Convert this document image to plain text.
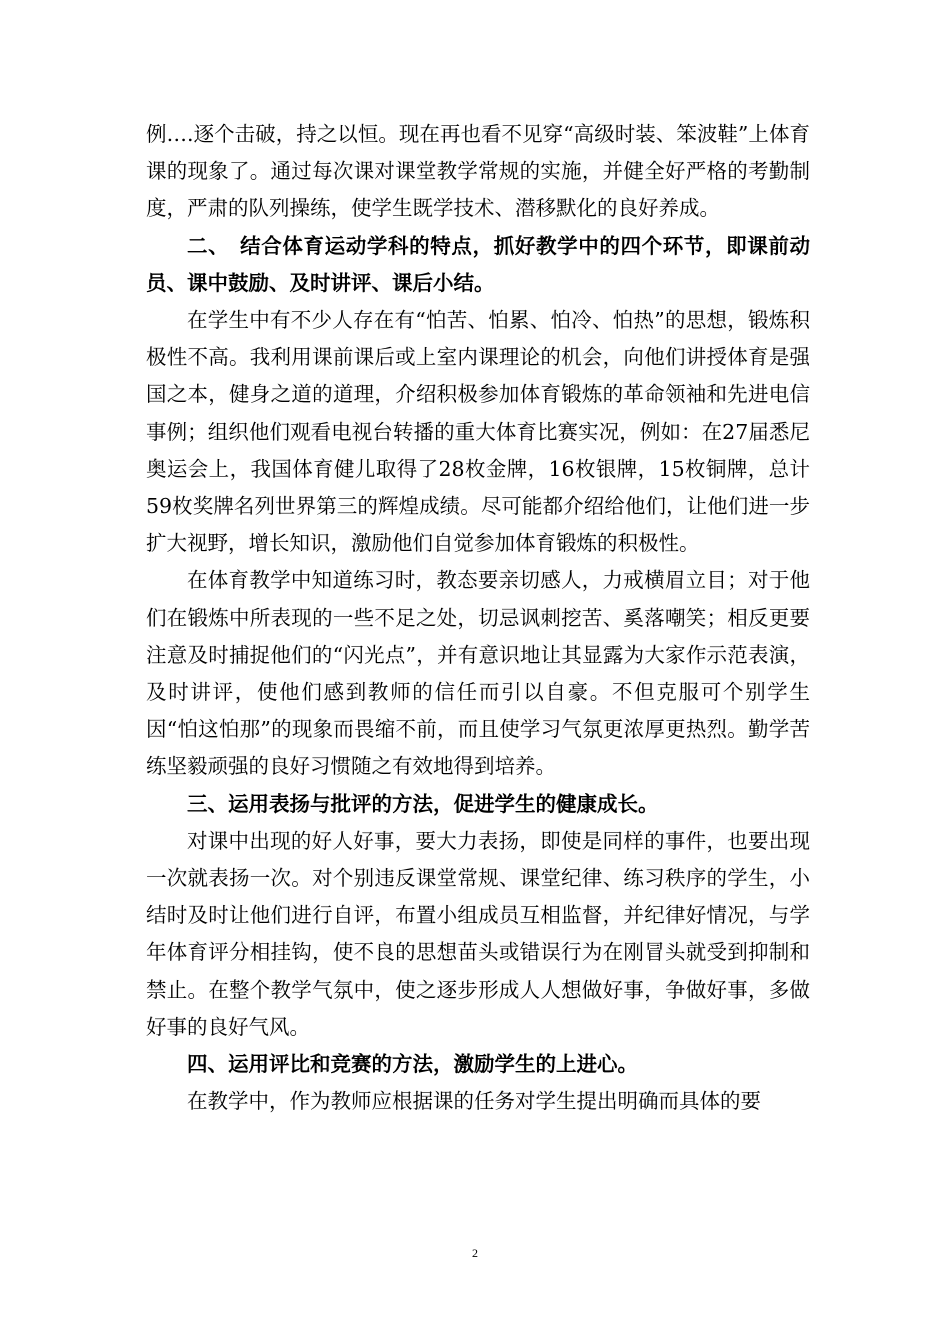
例….逐个击破，持之以恒。现在再也看不见穿“高级时装、笨波鞋”上体育课的现象了。通过每次课对课堂教学常规的实施，并健全好严格的考勤制度，严肃的队列操练，使学生既学技术、潜移默化的良好养成。

二、　结合体育运动学科的特点，抓好教学中的四个环节，即课前动员、课中鼓励、及时讲评、课后小结。

在学生中有不少人存在有“怕苦、怕累、怕冷、怕热”的思想，锻炼积极性不高。我利用课前课后或上室内课理论的机会，向他们讲授体育是强国之本，健身之道的道理，介绍积极参加体育锻炼的革命领袖和先进电信事例；组织他们观看电视台转播的重大体育比赛实况，例如：在27届悉尼奥运会上，我国体育健儿取得了28枚金牌，16枚银牌，15枚铜牌，总计59枚奖牌名列世界第三的辉煌成绩。尽可能都介绍给他们，让他们进一步扩大视野，增长知识，激励他们自觉参加体育锻炼的积极性。

在体育教学中知道练习时，教态要亲切感人，力戒横眉立目；对于他们在锻炼中所表现的一些不足之处，切忌讽刺挖苦、奚落嘲笑；相反更要注意及时捕捉他们的“闪光点”，并有意识地让其显露为大家作示范表演，及时讲评，使他们感到教师的信任而引以自豪。不但克服可个别学生因“怕这怕那”的现象而畏缩不前，而且使学习气氛更浓厚更热烈。勤学苦练坚毅顽强的良好习惯随之有效地得到培养。

三、运用表扬与批评的方法，促进学生的健康成长。

对课中出现的好人好事，要大力表扬，即使是同样的事件，也要出现一次就表扬一次。对个别违反课堂常规、课堂纪律、练习秩序的学生，小结时及时让他们进行自评，布置小组成员互相监督，并纪律好情况，与学年体育评分相挂钩，使不良的思想苗头或错误行为在刚冒头就受到抑制和禁止。在整个教学气氛中，使之逐步形成人人想做好事，争做好事，多做好事的良好气风。

四、运用评比和竞赛的方法，激励学生的上进心。

在教学中，作为教师应根据课的任务对学生提出明确而具体的要

2
